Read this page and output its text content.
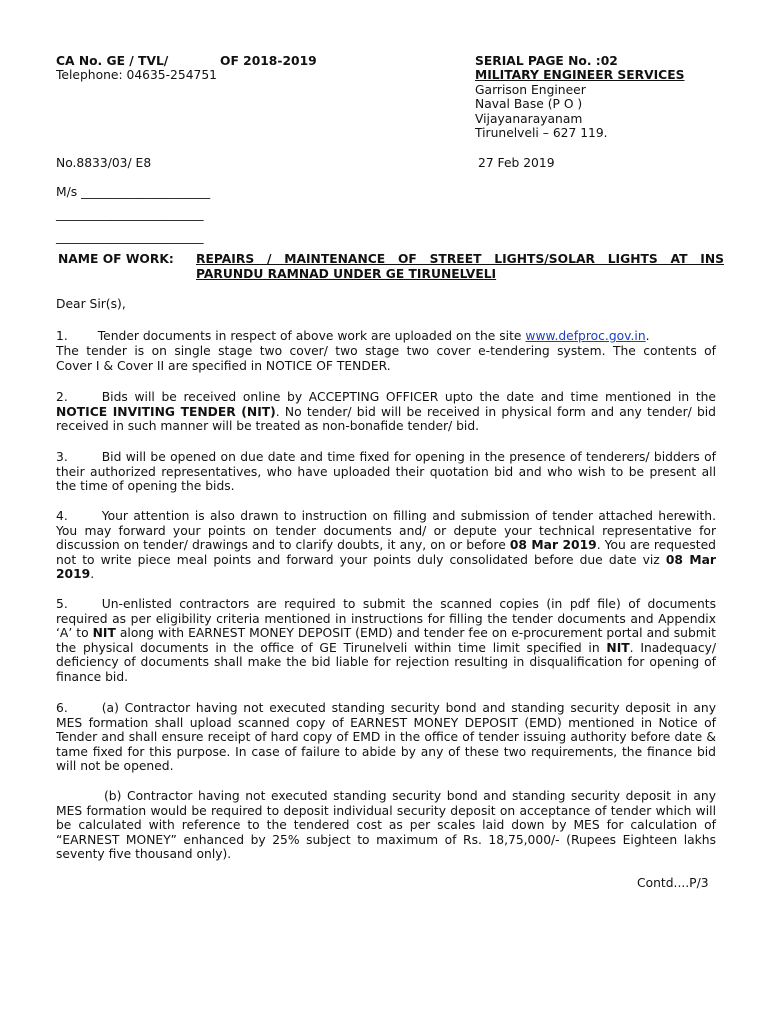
CA No. GE / TVL/	OF 2018-2019
Telephone: 04635-254751
SERIAL PAGE No. :02
MILITARY ENGINEER SERVICES
Garrison Engineer
Naval Base (P O )
Vijayanarayanam
Tirunelveli – 627 119.
No.8833/03/ E8	27 Feb 2019
M/s _____________________
________________________
________________________
NAME OF WORK: REPAIRS / MAINTENANCE OF STREET LIGHTS/SOLAR LIGHTS AT INS
PARUNDU RAMNAD UNDER GE TIRUNELVELI
Dear Sir(s),
1. Tender documents in respect of above work are uploaded on the site www.defproc.gov.in.
The tender is on single stage two cover/ two stage two cover e-tendering system. The contents of
Cover I & Cover II are specified in NOTICE OF TENDER.

2.	Bids will be received online by ACCEPTING OFFICER upto the date and time mentioned in the NOTICE INVITING TENDER (NIT). No tender/ bid will be received in physical form and any tender/ bid received in such manner will be treated as non-bonafide tender/ bid.

3.	Bid will be opened on due date and time fixed for opening in the presence of tenderers/ bidders of their authorized representatives, who have uploaded their quotation bid and who wish to be present all the time of opening the bids.

4.	Your attention is also drawn to instruction on filling and submission of tender attached herewith. You may forward your points on tender documents and/ or depute your technical representative for discussion on tender/ drawings and to clarify doubts, it any, on or before 08 Mar 2019. You are requested not to write piece meal points and forward your points duly consolidated before due date viz 08 Mar 2019.

5.	Un-enlisted contractors are required to submit the scanned copies (in pdf file) of documents required as per eligibility criteria mentioned in instructions for filling the tender documents and Appendix ‘A’ to NIT along with EARNEST MONEY DEPOSIT (EMD) and tender fee on e-procurement portal and submit the physical documents in the office of GE Tirunelveli within time limit specified in NIT. Inadequacy/ deficiency of documents shall make the bid liable for rejection resulting in disqualification for opening of finance bid.

6.	(a) Contractor having not executed standing security bond and standing security deposit in any MES formation shall upload scanned copy of EARNEST MONEY DEPOSIT (EMD) mentioned in Notice of Tender and shall ensure receipt of hard copy of EMD in the office of tender issuing authority before date & tame fixed for this purpose. In case of failure to abide by any of these two requirements, the finance bid will not be opened.

(b) Contractor having not executed standing security bond and standing security deposit in any MES formation would be required to deposit individual security deposit on acceptance of tender which will be calculated with reference to the tendered cost as per scales laid down by MES for calculation of “EARNEST MONEY” enhanced by 25% subject to maximum of Rs. 18,75,000/- (Rupees Eighteen lakhs seventy five thousand only).

Contd....P/3
